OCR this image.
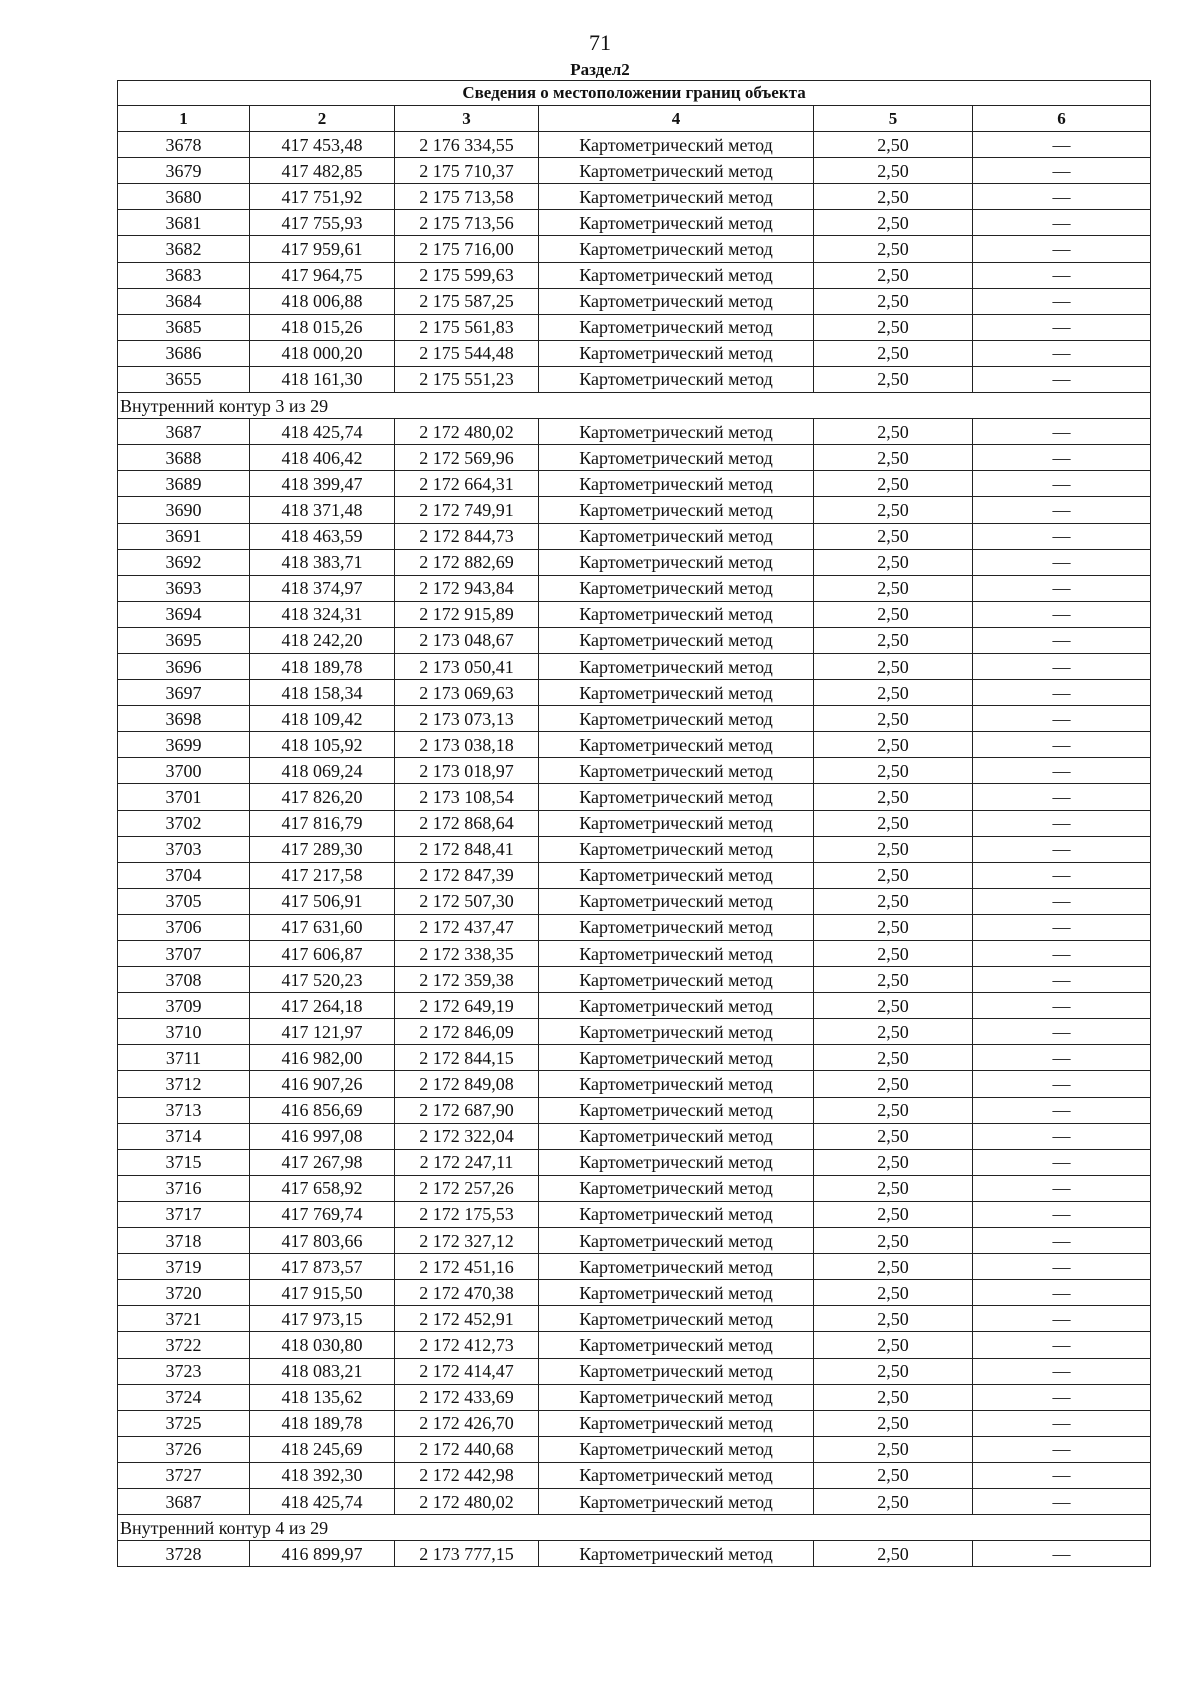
71
Раздел2
Сведения о местоположении границ объекта					
1	2	3	4	5	6
3678	417 453,48	2 176 334,55	Картометрический метод	2,50	—
3679	417 482,85	2 175 710,37	Картометрический метод	2,50	—
3680	417 751,92	2 175 713,58	Картометрический метод	2,50	—
3681	417 755,93	2 175 713,56	Картометрический метод	2,50	—
3682	417 959,61	2 175 716,00	Картометрический метод	2,50	—
3683	417 964,75	2 175 599,63	Картометрический метод	2,50	—
3684	418 006,88	2 175 587,25	Картометрический метод	2,50	—
3685	418 015,26	2 175 561,83	Картометрический метод	2,50	—
3686	418 000,20	2 175 544,48	Картометрический метод	2,50	—
3655	418 161,30	2 175 551,23	Картометрический метод	2,50	—
Внутренний контур 3 из 29					
3687	418 425,74	2 172 480,02	Картометрический метод	2,50	—
3688	418 406,42	2 172 569,96	Картометрический метод	2,50	—
3689	418 399,47	2 172 664,31	Картометрический метод	2,50	—
3690	418 371,48	2 172 749,91	Картометрический метод	2,50	—
3691	418 463,59	2 172 844,73	Картометрический метод	2,50	—
3692	418 383,71	2 172 882,69	Картометрический метод	2,50	—
3693	418 374,97	2 172 943,84	Картометрический метод	2,50	—
3694	418 324,31	2 172 915,89	Картометрический метод	2,50	—
3695	418 242,20	2 173 048,67	Картометрический метод	2,50	—
3696	418 189,78	2 173 050,41	Картометрический метод	2,50	—
3697	418 158,34	2 173 069,63	Картометрический метод	2,50	—
3698	418 109,42	2 173 073,13	Картометрический метод	2,50	—
3699	418 105,92	2 173 038,18	Картометрический метод	2,50	—
3700	418 069,24	2 173 018,97	Картометрический метод	2,50	—
3701	417 826,20	2 173 108,54	Картометрический метод	2,50	—
3702	417 816,79	2 172 868,64	Картометрический метод	2,50	—
3703	417 289,30	2 172 848,41	Картометрический метод	2,50	—
3704	417 217,58	2 172 847,39	Картометрический метод	2,50	—
3705	417 506,91	2 172 507,30	Картометрический метод	2,50	—
3706	417 631,60	2 172 437,47	Картометрический метод	2,50	—
3707	417 606,87	2 172 338,35	Картометрический метод	2,50	—
3708	417 520,23	2 172 359,38	Картометрический метод	2,50	—
3709	417 264,18	2 172 649,19	Картометрический метод	2,50	—
3710	417 121,97	2 172 846,09	Картометрический метод	2,50	—
3711	416 982,00	2 172 844,15	Картометрический метод	2,50	—
3712	416 907,26	2 172 849,08	Картометрический метод	2,50	—
3713	416 856,69	2 172 687,90	Картометрический метод	2,50	—
3714	416 997,08	2 172 322,04	Картометрический метод	2,50	—
3715	417 267,98	2 172 247,11	Картометрический метод	2,50	—
3716	417 658,92	2 172 257,26	Картометрический метод	2,50	—
3717	417 769,74	2 172 175,53	Картометрический метод	2,50	—
3718	417 803,66	2 172 327,12	Картометрический метод	2,50	—
3719	417 873,57	2 172 451,16	Картометрический метод	2,50	—
3720	417 915,50	2 172 470,38	Картометрический метод	2,50	—
3721	417 973,15	2 172 452,91	Картометрический метод	2,50	—
3722	418 030,80	2 172 412,73	Картометрический метод	2,50	—
3723	418 083,21	2 172 414,47	Картометрический метод	2,50	—
3724	418 135,62	2 172 433,69	Картометрический метод	2,50	—
3725	418 189,78	2 172 426,70	Картометрический метод	2,50	—
3726	418 245,69	2 172 440,68	Картометрический метод	2,50	—
3727	418 392,30	2 172 442,98	Картометрический метод	2,50	—
3687	418 425,74	2 172 480,02	Картометрический метод	2,50	—
Внутренний контур 4 из 29					
3728	416 899,97	2 173 777,15	Картометрический метод	2,50	—
